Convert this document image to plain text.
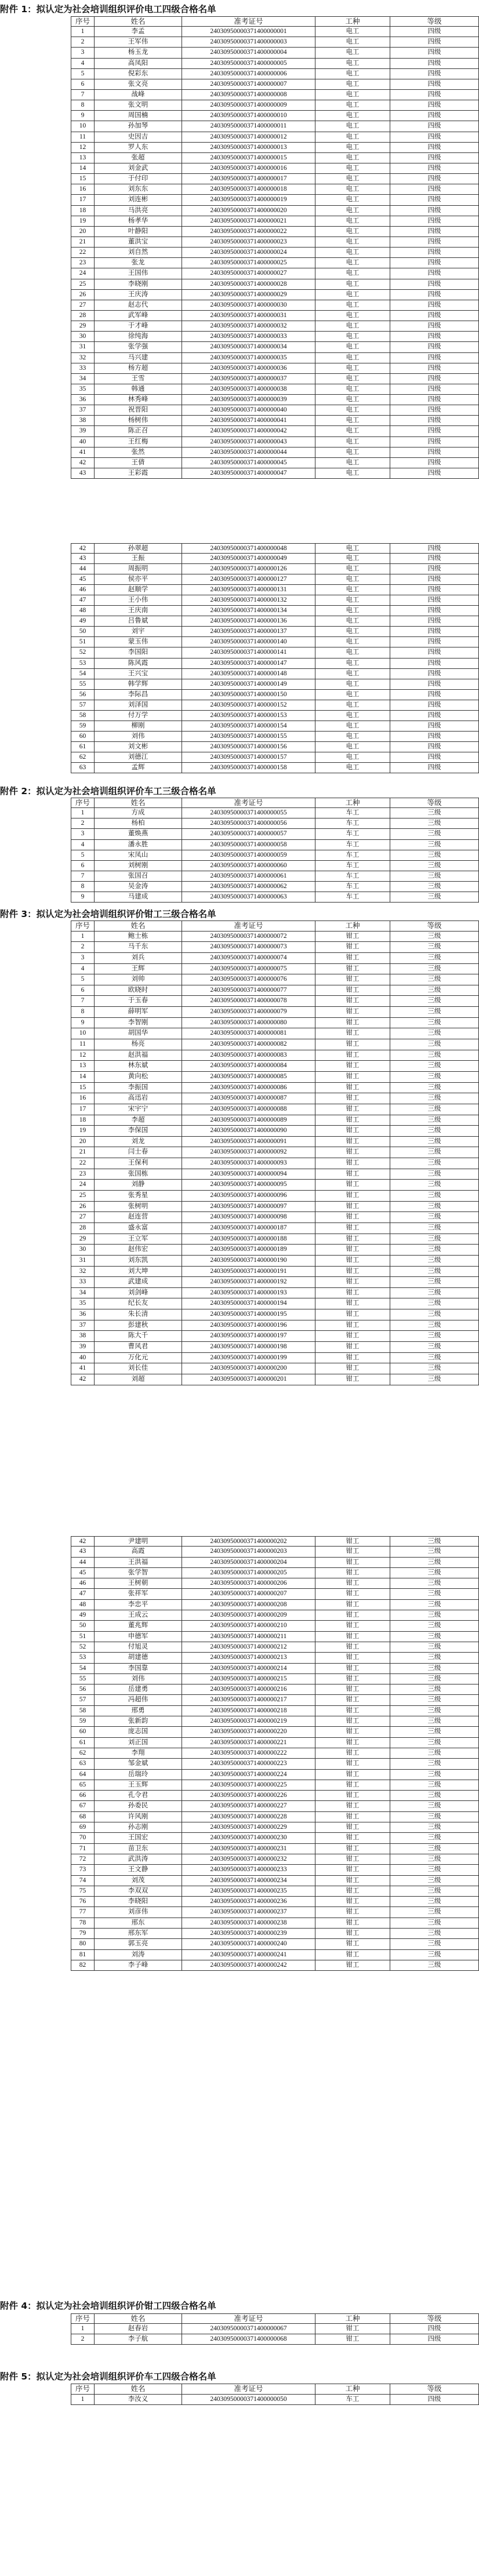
附件 1：拟认定为社会培训组织评价电工四级合格名单
序号	姓名	准考证号	工种	等级
1	李孟	24030950000371400000001	电工	四级
2	王军伟	24030950000371400000003	电工	四级
3	杨玉龙	24030950000371400000004	电工	四级
4	高凤阳	24030950000371400000005	电工	四级
5	倪彩东	24030950000371400000006	电工	四级
6	张文亮	24030950000371400000007	电工	四级
7	战峰	24030950000371400000008	电工	四级
8	张文明	24030950000371400000009	电工	四级
9	周国楠	24030950000371400000010	电工	四级
10	孙加琴	24030950000371400000011	电工	四级
11	史因吉	24030950000371400000012	电工	四级
12	罗人东	24030950000371400000013	电工	四级
13	张超	24030950000371400000015	电工	四级
14	刘金武	24030950000371400000016	电工	四级
15	于付印	24030950000371400000017	电工	四级
16	刘东东	24030950000371400000018	电工	四级
17	刘连彬	24030950000371400000019	电工	四级
18	马洪亮	24030950000371400000020	电工	四级
19	杨孝华	24030950000371400000021	电工	四级
20	叶静阳	24030950000371400000022	电工	四级
21	董洪宝	24030950000371400000023	电工	四级
22	刘自然	24030950000371400000024	电工	四级
23	张龙	24030950000371400000025	电工	四级
24	王国伟	24030950000371400000027	电工	四级
25	李晓刚	24030950000371400000028	电工	四级
26	王庆涛	24030950000371400000029	电工	四级
27	赵志代	24030950000371400000030	电工	四级
28	武军峰	24030950000371400000031	电工	四级
29	于才峰	24030950000371400000032	电工	四级
30	徐纯海	24030950000371400000033	电工	四级
31	张学强	24030950000371400000034	电工	四级
32	马兴建	24030950000371400000035	电工	四级
33	杨方超	24030950000371400000036	电工	四级
34	王雪	24030950000371400000037	电工	四级
35	韩通	24030950000371400000038	电工	四级
36	林秀峰	24030950000371400000039	电工	四级
37	祝晋阳	24030950000371400000040	电工	四级
38	杨树伟	24030950000371400000041	电工	四级
39	陈正召	24030950000371400000042	电工	四级
40	王红梅	24030950000371400000043	电工	四级
41	张然	24030950000371400000044	电工	四级
42	王倩	24030950000371400000045	电工	四级
43	王彩霞	24030950000371400000047	电工	四级
42	孙翠超	24030950000371400000048	电工	四级
43	王振	24030950000371400000049	电工	四级
44	周振明	24030950000371400000126	电工	四级
45	侯亦平	24030950000371400000127	电工	四级
46	赵顺学	24030950000371400000131	电工	四级
47	王小伟	24030950000371400000132	电工	四级
48	王庆南	24030950000371400000134	电工	四级
49	吕鲁斌	24030950000371400000136	电工	四级
50	刘宇	24030950000371400000137	电工	四级
51	蒙玉伟	24030950000371400000140	电工	四级
52	李国阳	24030950000371400000141	电工	四级
53	陈风霞	24030950000371400000147	电工	四级
54	王兴宝	24030950000371400000148	电工	四级
55	韩学辉	24030950000371400000149	电工	四级
56	李际昌	24030950000371400000150	电工	四级
57	刘泽国	24030950000371400000152	电工	四级
58	付万学	24030950000371400000153	电工	四级
59	柳刚	24030950000371400000154	电工	四级
60	刘伟	24030950000371400000155	电工	四级
61	刘文彬	24030950000371400000156	电工	四级
62	刘德江	24030950000371400000157	电工	四级
63	孟辉	24030950000371400000158	电工	四级
附件 2：拟认定为社会培训组织评价车工三级合格名单
序号	姓名	准考证号	工种	等级
1	方成	24030950000371400000055	车工	三级
2	杨柏	24030950000371400000056	车工	三级
3	董焕燕	24030950000371400000057	车工	三级
4	潘永胜	24030950000371400000058	车工	三级
5	宋凤山	24030950000371400000059	车工	三级
6	刘树刚	24030950000371400000060	车工	三级
7	张国召	24030950000371400000061	车工	三级
8	吴金涛	24030950000371400000062	车工	三级
9	马建成	24030950000371400000063	车工	三级
附件 3：拟认定为社会培训组织评价钳工三级合格名单
序号	姓名	准考证号	工种	等级
1	鲍士栋	24030950000371400000072	钳工	三级
2	马千东	24030950000371400000073	钳工	三级
3	刘兵	24030950000371400000074	钳工	三级
4	王辉	24030950000371400000075	钳工	三级
5	刘帅	24030950000371400000076	钳工	三级
6	欧晓时	24030950000371400000077	钳工	三级
7	于玉春	24030950000371400000078	钳工	三级
8	薛明军	24030950000371400000079	钳工	三级
9	李智刚	24030950000371400000080	钳工	三级
10	胡国华	24030950000371400000081	钳工	三级
11	杨亮	24030950000371400000082	钳工	三级
12	赵洪福	24030950000371400000083	钳工	三级
13	林东斌	24030950000371400000084	钳工	三级
14	黄向松	24030950000371400000085	钳工	三级
15	李振国	24030950000371400000086	钳工	三级
16	高迅岩	24030950000371400000087	钳工	三级
17	宋宇宁	24030950000371400000088	钳工	三级
18	李超	24030950000371400000089	钳工	三级
19	李保国	24030950000371400000090	钳工	三级
20	刘龙	24030950000371400000091	钳工	三级
21	闫士春	24030950000371400000092	钳工	三级
22	王保利	24030950000371400000093	钳工	三级
23	张国栋	24030950000371400000094	钳工	三级
24	刘静	24030950000371400000095	钳工	三级
25	张秀星	24030950000371400000096	钳工	三级
26	张树明	24030950000371400000097	钳工	三级
27	赵连营	24030950000371400000098	钳工	三级
28	盛永富	24030950000371400000187	钳工	三级
29	王立军	24030950000371400000188	钳工	三级
30	赵伟宏	24030950000371400000189	钳工	三级
31	刘东凯	24030950000371400000190	钳工	三级
32	刘大坤	24030950000371400000191	钳工	三级
33	武建成	24030950000371400000192	钳工	三级
34	刘剑峰	24030950000371400000193	钳工	三级
35	纪长友	24030950000371400000194	钳工	三级
36	朱长清	24030950000371400000195	钳工	三级
37	彭建秋	24030950000371400000196	钳工	三级
38	陈大千	24030950000371400000197	钳工	三级
39	曹风君	24030950000371400000198	钳工	三级
40	万化元	24030950000371400000199	钳工	三级
41	刘长佳	24030950000371400000200	钳工	三级
42	刘超	24030950000371400000201	钳工	三级
42	尹建明	24030950000371400000202	钳工	三级
43	高霞	24030950000371400000203	钳工	三级
44	王洪福	24030950000371400000204	钳工	三级
45	张学智	24030950000371400000205	钳工	三级
46	王树朝	24030950000371400000206	钳工	三级
47	张祥军	24030950000371400000207	钳工	三级
48	李忠平	24030950000371400000208	钳工	三级
49	王成云	24030950000371400000209	钳工	三级
50	董兆辉	24030950000371400000210	钳工	三级
51	申德军	24030950000371400000211	钳工	三级
52	付旭灵	24030950000371400000212	钳工	三级
53	胡建德	24030950000371400000213	钳工	三级
54	李国靠	24030950000371400000214	钳工	三级
55	刘伟	24030950000371400000215	钳工	三级
56	岳建勇	24030950000371400000216	钳工	三级
57	冯超伟	24030950000371400000217	钳工	三级
58	邢勇	24030950000371400000218	钳工	三级
59	张新韵	24030950000371400000219	钳工	三级
60	庞志国	24030950000371400000220	钳工	三级
61	刘正国	24030950000371400000221	钳工	三级
62	李翔	24030950000371400000222	钳工	三级
63	邹金斌	24030950000371400000223	钳工	三级
64	岳瑞玲	24030950000371400000224	钳工	三级
65	王玉辉	24030950000371400000225	钳工	三级
66	孔令君	24030950000371400000226	钳工	三级
67	孙委民	24030950000371400000227	钳工	三级
68	许风刚	24030950000371400000228	钳工	三级
69	孙志刚	24030950000371400000229	钳工	三级
70	王国宏	24030950000371400000230	钳工	三级
71	苗卫东	24030950000371400000231	钳工	三级
72	武洪涛	24030950000371400000232	钳工	三级
73	王文静	24030950000371400000233	钳工	三级
74	刘茂	24030950000371400000234	钳工	三级
75	李双双	24030950000371400000235	钳工	三级
76	李晓阳	24030950000371400000236	钳工	三级
77	刘彦伟	24030950000371400000237	钳工	三级
78	邢东	24030950000371400000238	钳工	三级
79	邢东军	24030950000371400000239	钳工	三级
80	郭玉亮	24030950000371400000240	钳工	三级
81	刘涛	24030950000371400000241	钳工	三级
82	李子峰	24030950000371400000242	钳工	三级
附件 4：拟认定为社会培训组织评价钳工四级合格名单
序号	姓名	准考证号	工种	等级
1	赵春岩	24030950000371400000067	钳工	四级
2	李子航	24030950000371400000068	钳工	四级
附件 5：拟认定为社会培训组织评价车工四级合格名单
序号	姓名	准考证号	工种	等级
1	李汝义	24030950000371400000050	车工	四级
